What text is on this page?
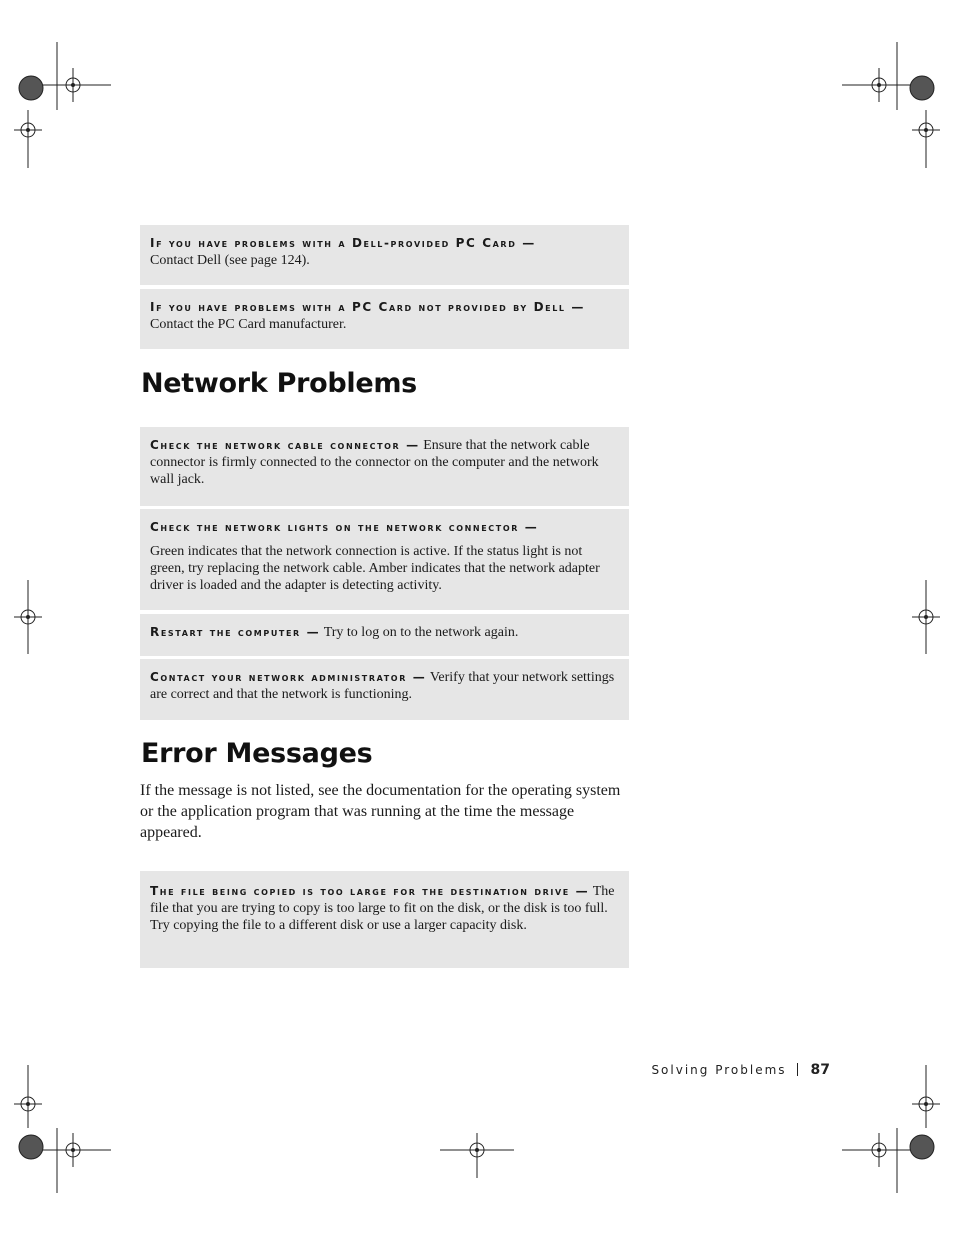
If you have problems with a Dell-provided PC Card —
Contact Dell (see page 124).
If you have problems with a PC Card not provided by Dell — Contact the PC Card manufacturer.
Network Problems
Check the network cable connector — Ensure that the network cable connector is firmly connected to the connector on the computer and the network wall jack.
Check the network lights on the network connector —
Green indicates that the network connection is active. If the status light is not green, try replacing the network cable. Amber indicates that the network adapter driver is loaded and the adapter is detecting activity.
Restart the computer — Try to log on to the network again.
Contact your network administrator — Verify that your network settings are correct and that the network is functioning.
Error Messages

If the message is not listed, see the documentation for the operating system or the application program that was running at the time the message appeared.

The file being copied is too large for the destination drive — The file that you are trying to copy is too large to fit on the disk, or the disk is too full. Try copying the file to a different disk or use a larger capacity disk.
Solving Problems 87
